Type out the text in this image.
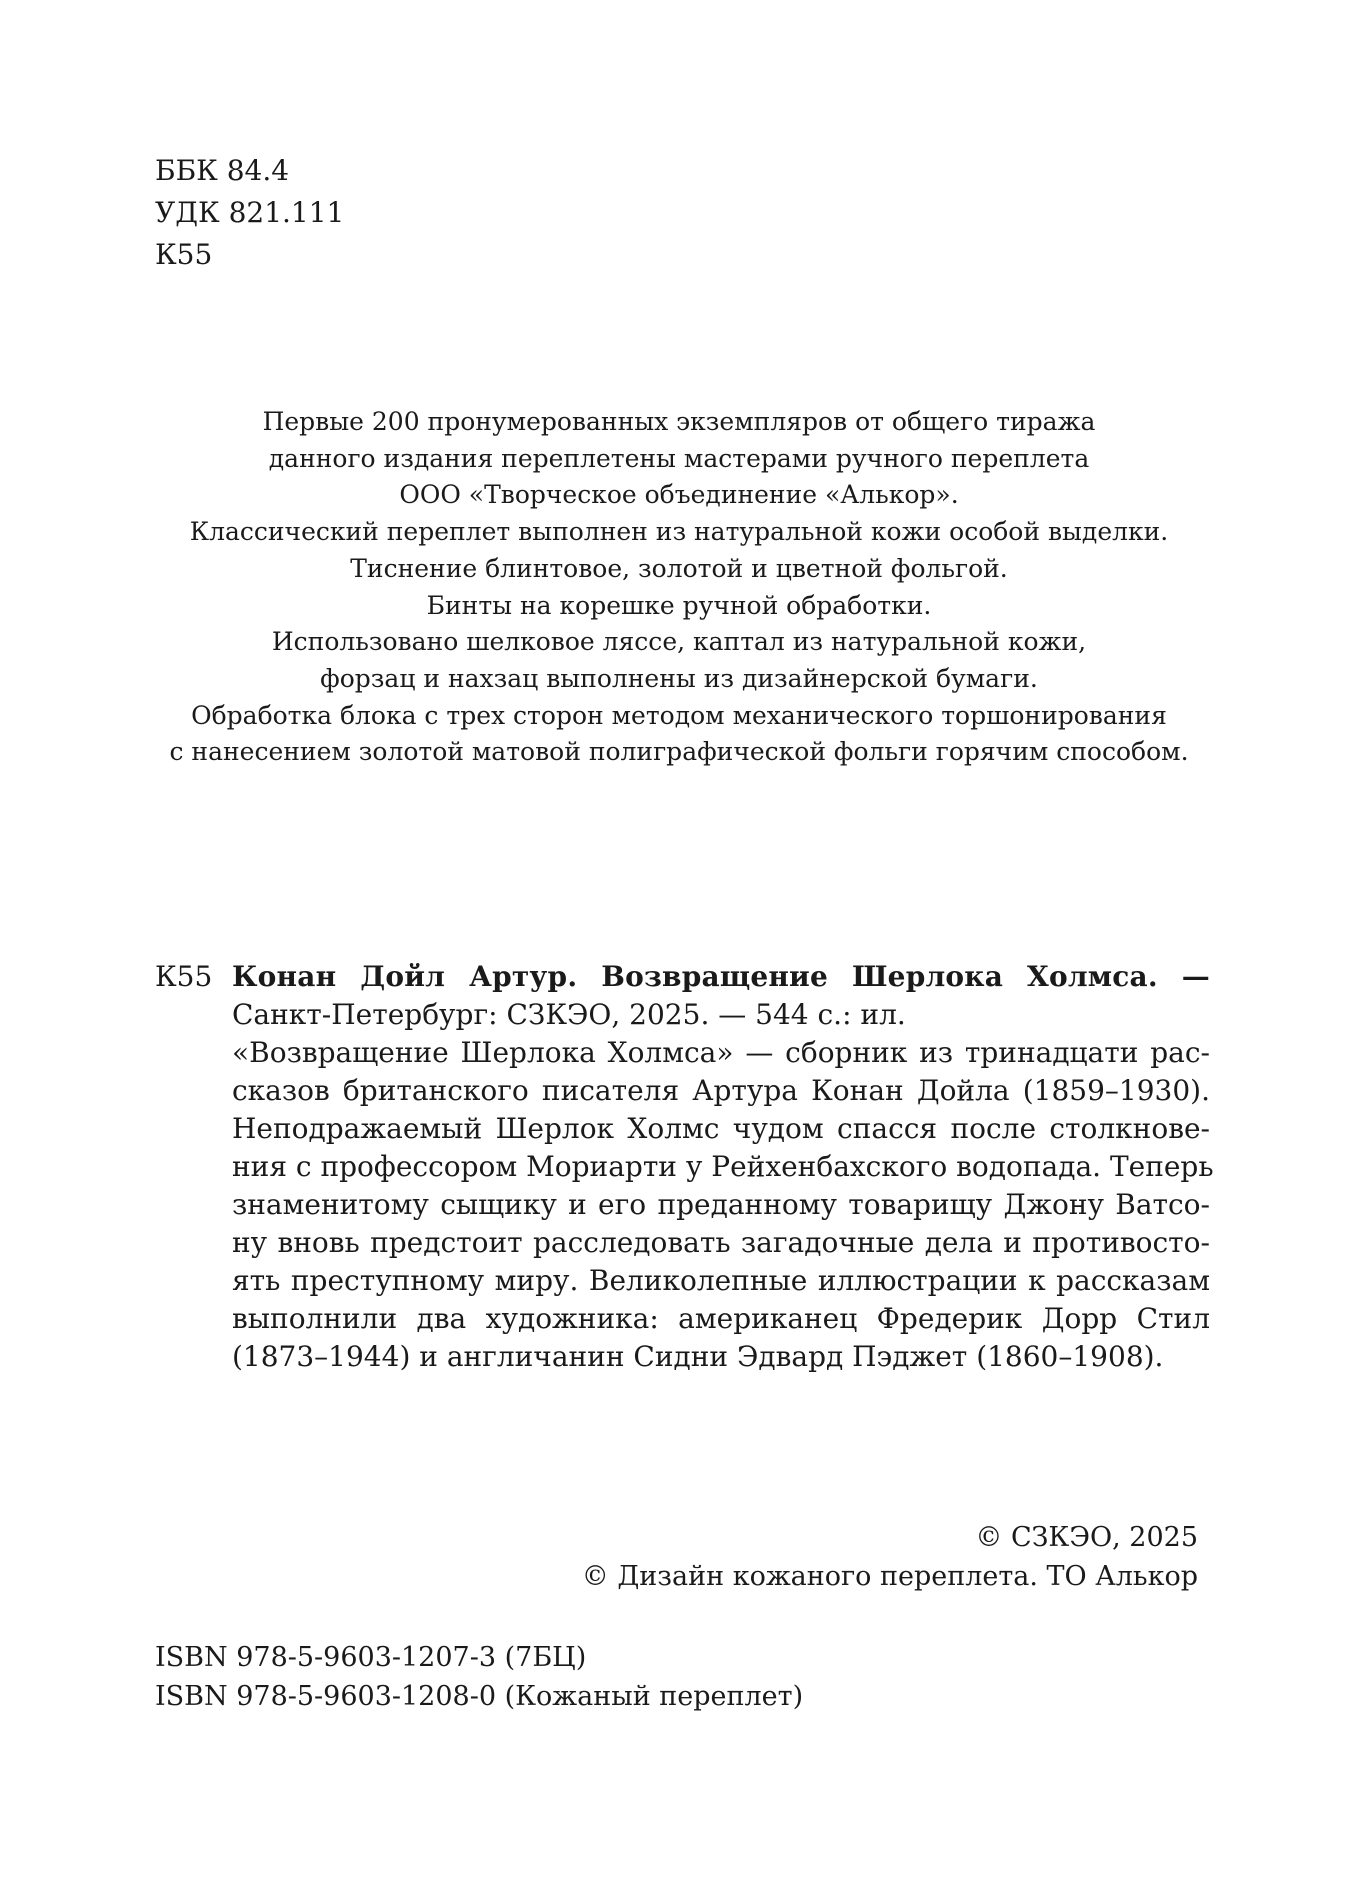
ББК 84.4
УДК 821.111
К55
Первые 200 пронумерованных экземпляров от общего тиража
данного издания переплетены мастерами ручного переплета
ООО «Творческое объединение «Алькор».
Классический переплет выполнен из натуральной кожи особой выделки.
Тиснение блинтовое, золотой и цветной фольгой.
Бинты на корешке ручной обработки.
Использовано шелковое ляссе, каптал из натуральной кожи,
форзац и нахзац выполнены из дизайнерской бумаги.
Обработка блока с трех сторон методом механического торшонирования
с нанесением золотой матовой полиграфической фольги горячим способом.
К55 Конан Дойл Артур. Возвращение Шерлока Холмса. —
Санкт-Петербург: СЗКЭО, 2025. — 544 с.: ил.
«Возвращение Шерлока Холмса» — сборник из тринадцати рас-
сказов британского писателя Артура Конан Дойла (1859–1930).
Неподражаемый Шерлок Холмс чудом спасся после столкнове-
ния с профессором Мориарти у Рейхенбахского водопада. Теперь
знаменитому сыщику и его преданному товарищу Джону Ватсо-
ну вновь предстоит расследовать загадочные дела и противосто-
ять преступному миру. Великолепные иллюстрации к рассказам
выполнили два художника: американец Фредерик Дорр Стил
(1873–1944) и англичанин Сидни Эдвард Пэджет (1860–1908).
© СЗКЭО, 2025
© Дизайн кожаного переплета. ТО Алькор
ISBN 978-5-9603-1207-3 (7БЦ)
ISBN 978-5-9603-1208-0 (Кожаный переплет)
